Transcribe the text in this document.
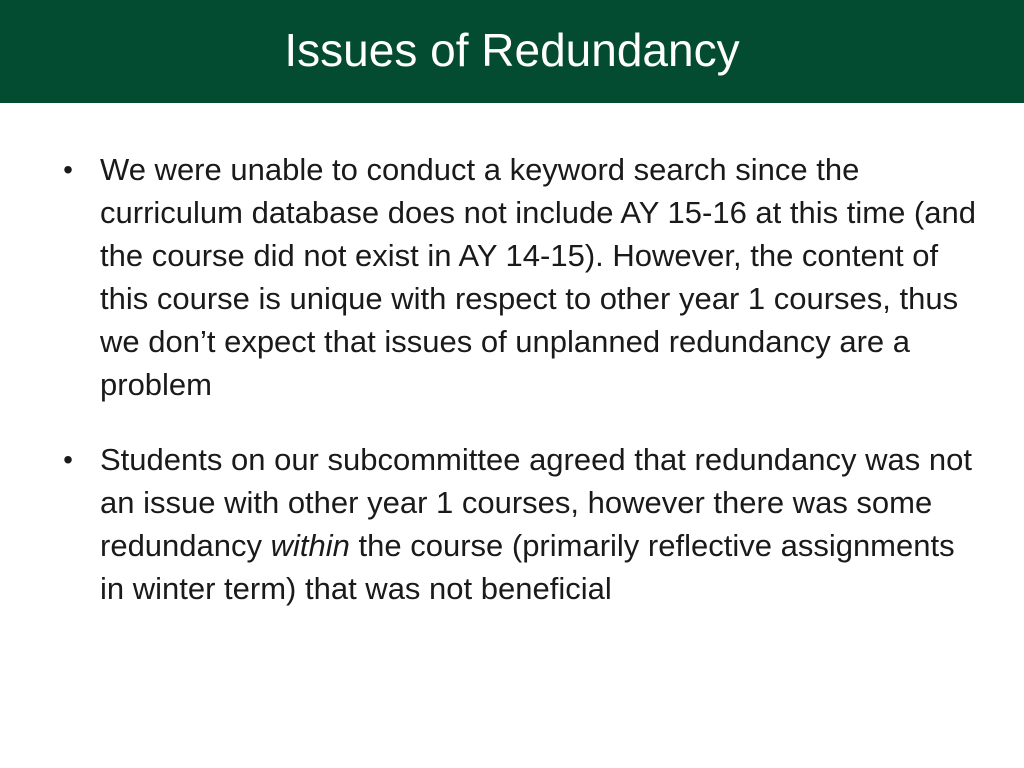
Issues of Redundancy
• We were unable to conduct a keyword search since the curriculum database does not include AY 15-16 at this time (and the course did not exist in AY 14-15). However, the content of this course is unique with respect to other year 1 courses, thus we don’t expect that issues of unplanned redundancy are a problem
• Students on our subcommittee agreed that redundancy was not an issue with other year 1 courses, however there was some redundancy within the course (primarily reflective assignments in winter term) that was not beneficial
